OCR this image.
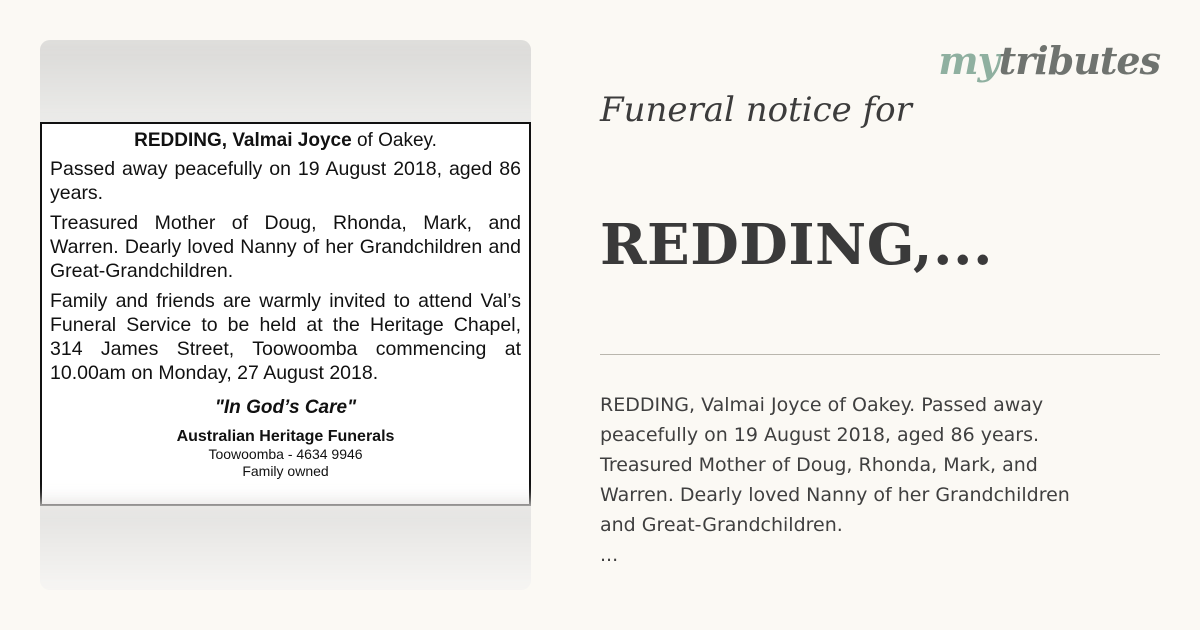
REDDING, Valmai Joyce of Oakey.

Passed away peacefully on 19 August 2018, aged 86 years.

Treasured Mother of Doug, Rhonda, Mark, and Warren. Dearly loved Nanny of her Grandchildren and Great-Grandchildren.

Family and friends are warmly invited to attend Val’s Funeral Service to be held at the Heritage Chapel, 314 James Street, Toowoomba commencing at 10.00am on Monday, 27 August 2018.

"In God’s Care"

Australian Heritage Funerals

Toowoomba - 4634 9946

Family owned

mytributes
Funeral notice for
REDDING,...

REDDING, Valmai Joyce of Oakey. Passed away

peacefully on 19 August 2018, aged 86 years.

Treasured Mother of Doug, Rhonda, Mark, and

Warren. Dearly loved Nanny of her Grandchildren

and Great-Grandchildren.

...
